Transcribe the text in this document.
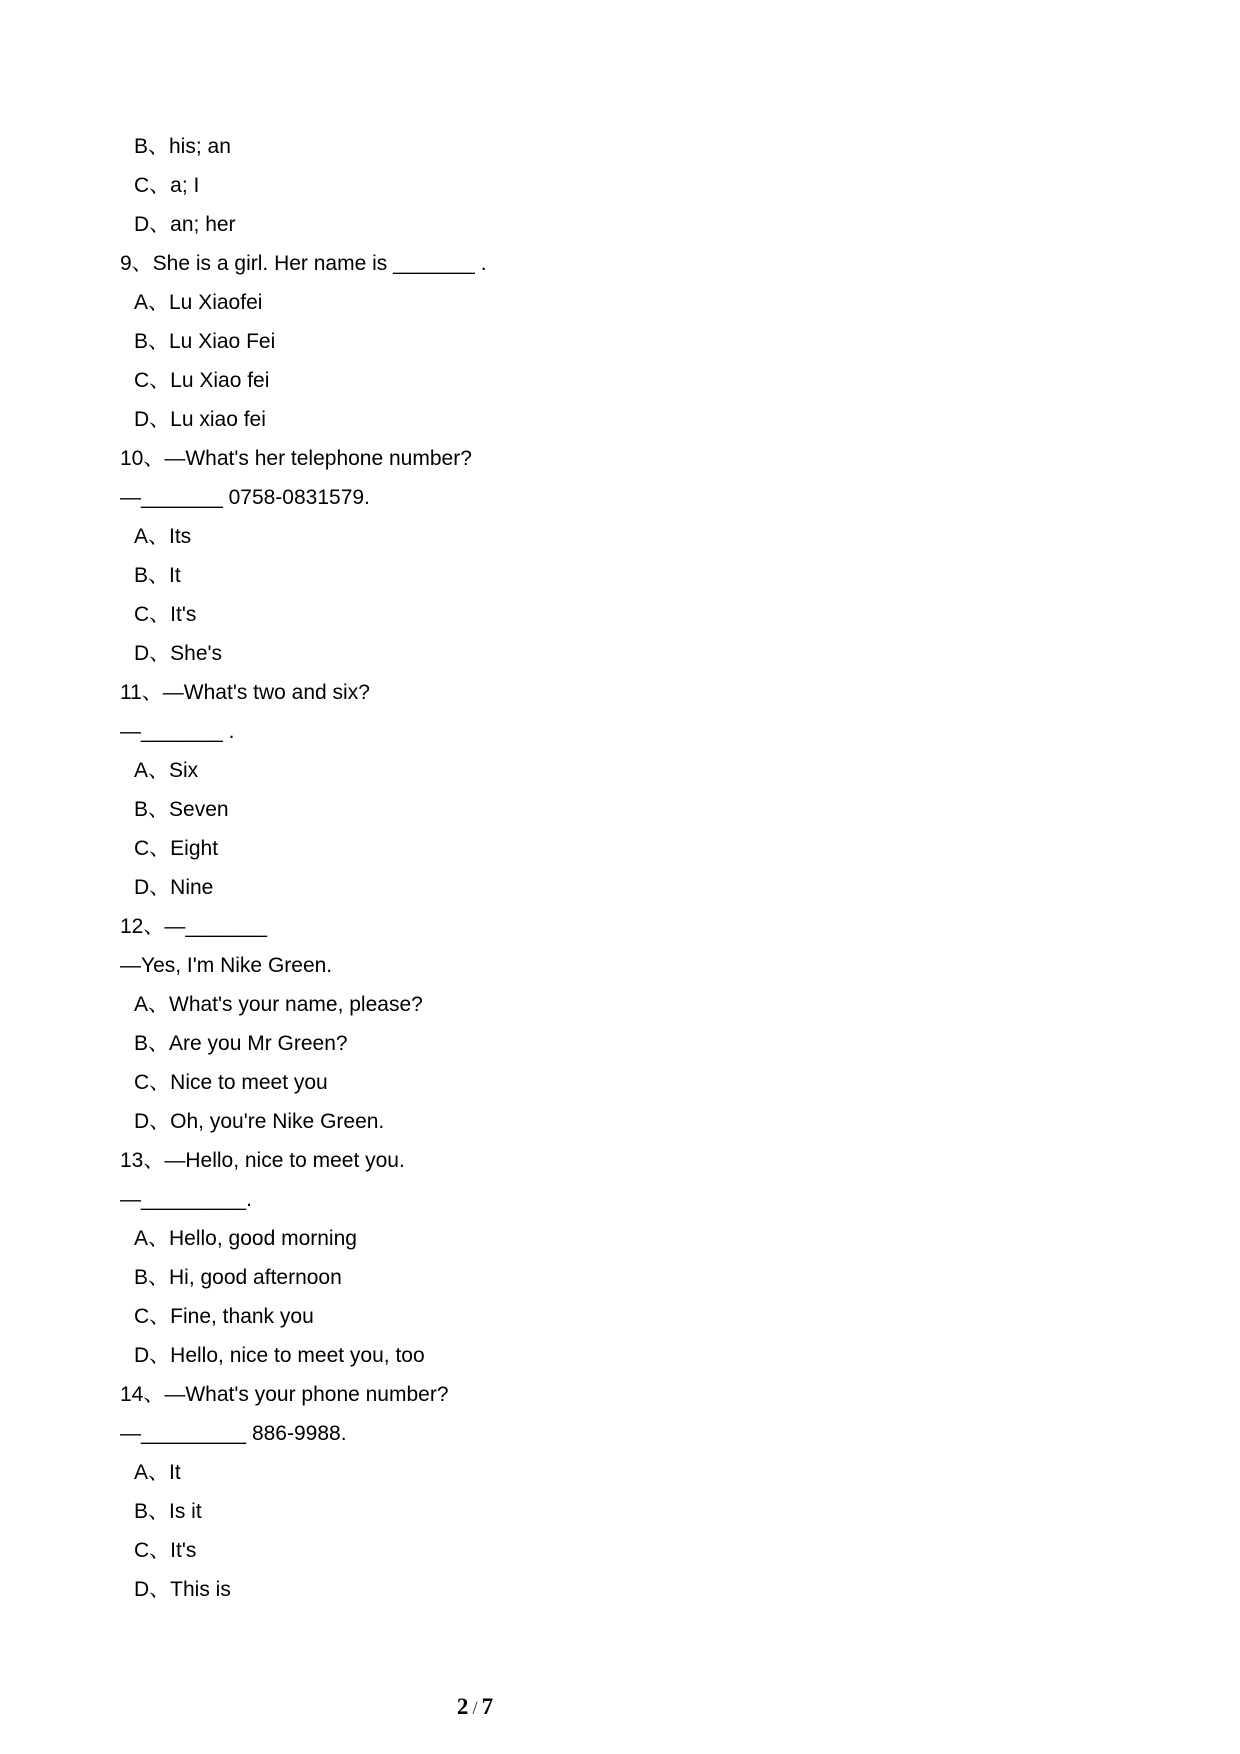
B、his; an
C、a; I
D、an; her
9、She is a girl. Her name is _______ .
A、Lu Xiaofei
B、Lu Xiao Fei
C、Lu Xiao fei
D、Lu xiao fei
10、—What's her telephone number?
—_______ 0758-0831579.
A、Its
B、It
C、It's
D、She's
11、—What's two and six?
—_______ .
A、Six
B、Seven
C、Eight
D、Nine
12、—_______
—Yes, I'm Nike Green.
A、What's your name, please?
B、Are you Mr Green?
C、Nice to meet you
D、Oh, you're Nike Green.
13、—Hello, nice to meet you.
—_________.
A、Hello, good morning
B、Hi, good afternoon
C、Fine, thank you
D、Hello, nice to meet you, too
14、—What's your phone number?
—_________ 886-9988.
A、It
B、Is it
C、It's
D、This is
2 / 7
